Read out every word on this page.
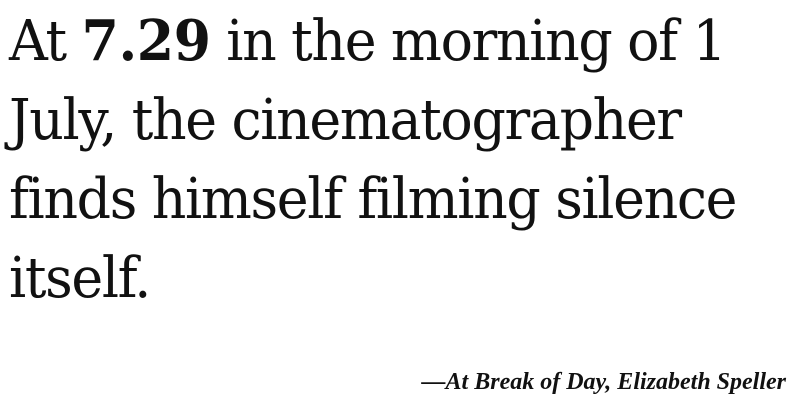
At 7.29 in the morning of 1 July, the cinematographer finds himself filming silence itself.

—At Break of Day, Elizabeth Speller
